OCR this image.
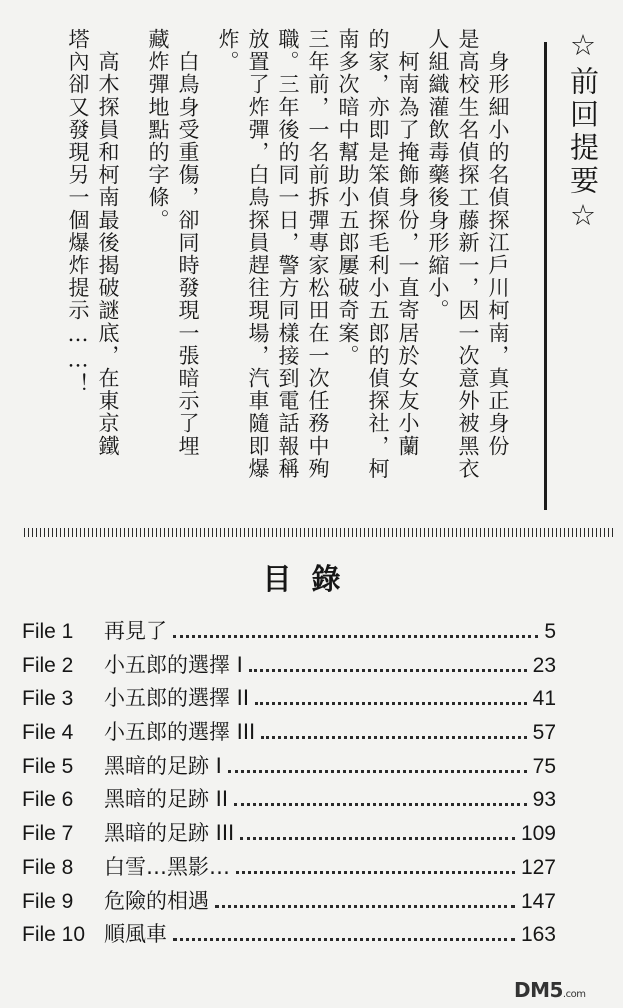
☆前回提要☆

　身形細小的名偵探江戶川柯南，真正身份

是高校生名偵探工藤新一，因一次意外被黑衣

人組織灌飲毒藥後身形縮小。

　柯南為了掩飾身份，一直寄居於女友小蘭

的家，亦即是笨偵探毛利小五郎的偵探社，柯

南多次暗中幫助小五郎屢破奇案。

三年前，一名前拆彈專家松田在一次任務中殉

職。三年後的同一日，警方同樣接到電話報稱

放置了炸彈，白鳥探員趕往現場，汽車隨即爆

炸。

　白鳥身受重傷，卻同時發現一張暗示了埋

藏炸彈地點的字條。

　高木探員和柯南最後揭破謎底，在東京鐵

塔內卻又發現另一個爆炸提示……！

目錄
File 1	再見了	5
File 2	小五郎的選擇 I	23
File 3	小五郎的選擇 II	41
File 4	小五郎的選擇 III	57
File 5	黑暗的足跡 I	75
File 6	黑暗的足跡 II	93
File 7	黑暗的足跡 III	109
File 8	白雪…黑影…	127
File 9	危險的相遇	147
File 10 順風車	163
DM5.com
